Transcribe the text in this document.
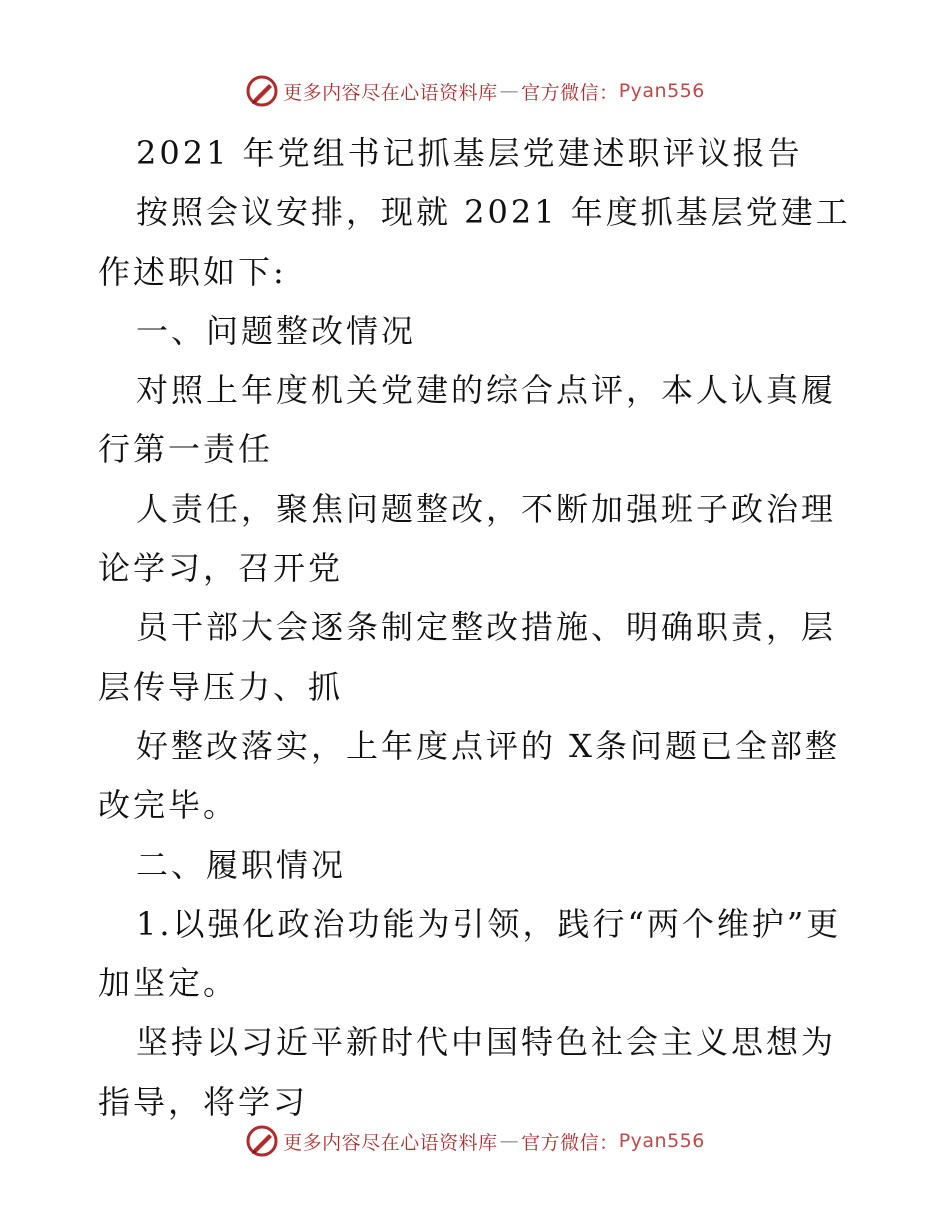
更多内容尽在心语资料库 — 官方微信： Pyan556

2021 年党组书记抓基层党建述职评议报告

按照会议安排，现就 2021 年度抓基层党建工作述职如下:

一、问题整改情况

对照上年度机关党建的综合点评，本人认真履行第一责任

人责任，聚焦问题整改，不断加强班子政治理论学习，召开党

员干部大会逐条制定整改措施、明确职责，层层传导压力、抓

好整改落实，上年度点评的 X条问题已全部整改完毕。

二、履职情况

1.以强化政治功能为引领，践行“两个维护”更加坚定。

坚持以习近平新时代中国特色社会主义思想为指导，将学习

更多内容尽在心语资料库 — 官方微信： Pyan556
